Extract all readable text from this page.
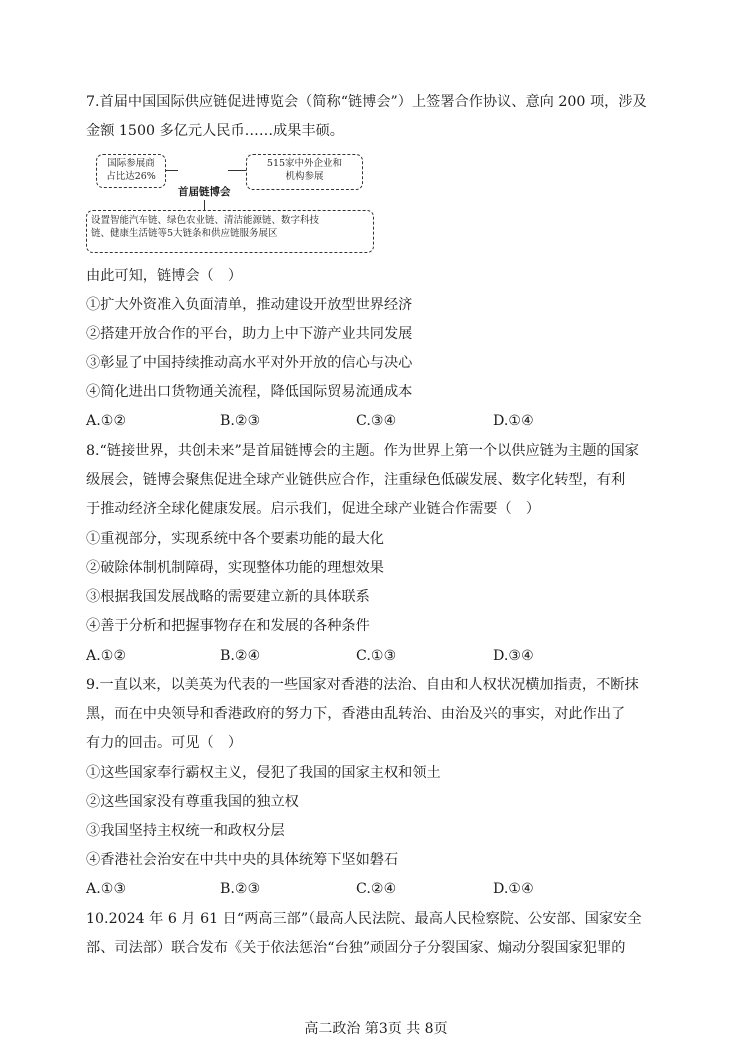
7.首届中国国际供应链促进博览会（简称“链博会”）上签署合作协议、意向 200 项，涉及
金额 1500 多亿元人民币……成果丰硕。
国际参展商
占比达26%
515家中外企业和
机构参展
首届链博会
设置智能汽车链、绿色农业链、清洁能源链、数字科技
链、健康生活链等5大链条和供应链服务展区
由此可知，链博会（　）
①扩大外资准入负面清单，推动建设开放型世界经济
②搭建开放合作的平台，助力上中下游产业共同发展
③彰显了中国持续推动高水平对外开放的信心与决心
④简化进出口货物通关流程，降低国际贸易流通成本
A.①②	B.②③	C.③④	D.①④
8.“链接世界，共创未来”是首届链博会的主题。作为世界上第一个以供应链为主题的国家
级展会，链博会聚焦促进全球产业链供应合作，注重绿色低碳发展、数字化转型，有利
于推动经济全球化健康发展。启示我们，促进全球产业链合作需要（　）
①重视部分，实现系统中各个要素功能的最大化
②破除体制机制障碍，实现整体功能的理想效果
③根据我国发展战略的需要建立新的具体联系
④善于分析和把握事物存在和发展的各种条件
A.①②	B.②④	C.①③	D.③④
9.一直以来，以美英为代表的一些国家对香港的法治、自由和人权状况横加指责，不断抹
黑，而在中央领导和香港政府的努力下，香港由乱转治、由治及兴的事实，对此作出了
有力的回击。可见（　）
①这些国家奉行霸权主义，侵犯了我国的国家主权和领土
②这些国家没有尊重我国的独立权
③我国坚持主权统一和政权分层
④香港社会治安在中共中央的具体统筹下坚如磐石
A.①③	B.②③	C.②④	D.①④
10.2024 年 6 月 61 日“两高三部”（最高人民法院、最高人民检察院、公安部、国家安全
部、司法部）联合发布《关于依法惩治“台独”顽固分子分裂国家、煽动分裂国家犯罪的
高二政治 第3页 共 8页
